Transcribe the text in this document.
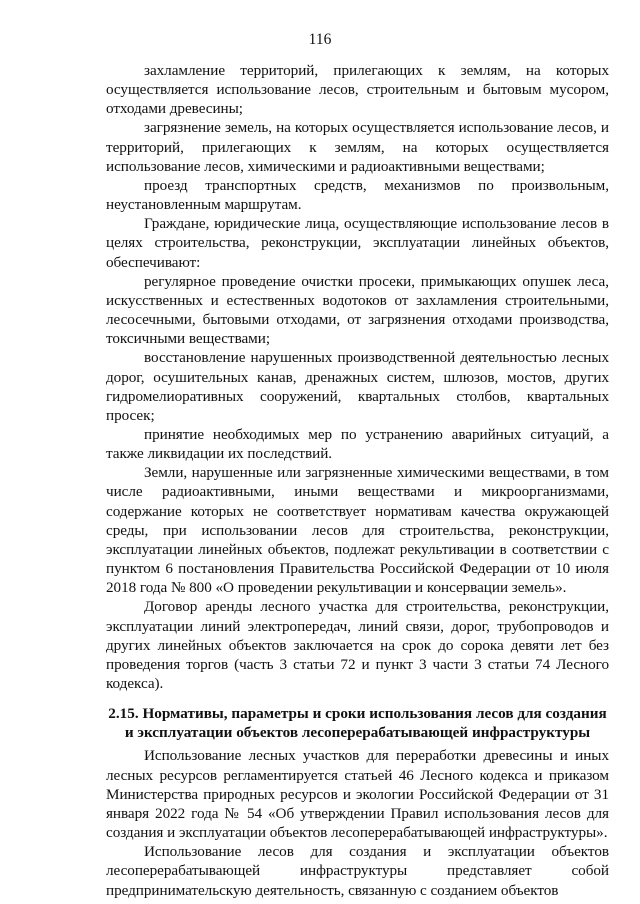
116

захламление территорий, прилегающих к землям, на которых осуществляется использование лесов, строительным и бытовым мусором, отходами древесины;

загрязнение земель, на которых осуществляется использование лесов, и территорий, прилегающих к землям, на которых осуществляется использование лесов, химическими и радиоактивными веществами;

проезд транспортных средств, механизмов по произвольным, неустановленным маршрутам.

Граждане, юридические лица, осуществляющие использование лесов в целях строительства, реконструкции, эксплуатации линейных объектов, обеспечивают:

регулярное проведение очистки просеки, примыкающих опушек леса, искусственных и естественных водотоков от захламления строительными, лесосечными, бытовыми отходами, от загрязнения отходами производства, токсичными веществами;

восстановление нарушенных производственной деятельностью лесных дорог, осушительных канав, дренажных систем, шлюзов, мостов, других гидромелиоративных сооружений, квартальных столбов, квартальных просек;

принятие необходимых мер по устранению аварийных ситуаций, а также ликвидации их последствий.

Земли, нарушенные или загрязненные химическими веществами, в том числе радиоактивными, иными веществами и микроорганизмами, содержание которых не соответствует нормативам качества окружающей среды, при использовании лесов для строительства, реконструкции, эксплуатации линейных объектов, подлежат рекультивации в соответствии с пунктом 6 постановления Правительства Российской Федерации от 10 июля 2018 года № 800 «О проведении рекультивации и консервации земель».

Договор аренды лесного участка для строительства, реконструкции, эксплуатации линий электропередач, линий связи, дорог, трубопроводов и других линейных объектов заключается на срок до сорока девяти лет без проведения торгов (часть 3 статьи 72 и пункт 3 части 3 статьи 74 Лесного кодекса).

2.15. Нормативы, параметры и сроки использования лесов для создания и эксплуатации объектов лесоперерабатывающей инфраструктуры

Использование лесных участков для переработки древесины и иных лесных ресурсов регламентируется статьей 46 Лесного кодекса и приказом Министерства природных ресурсов и экологии Российской Федерации от 31 января 2022 года № 54 «Об утверждении Правил использования лесов для создания и эксплуатации объектов лесоперерабатывающей инфраструктуры».

Использование лесов для создания и эксплуатации объектов лесоперерабатывающей инфраструктуры представляет собой предпринимательскую деятельность, связанную с созданием объектов
